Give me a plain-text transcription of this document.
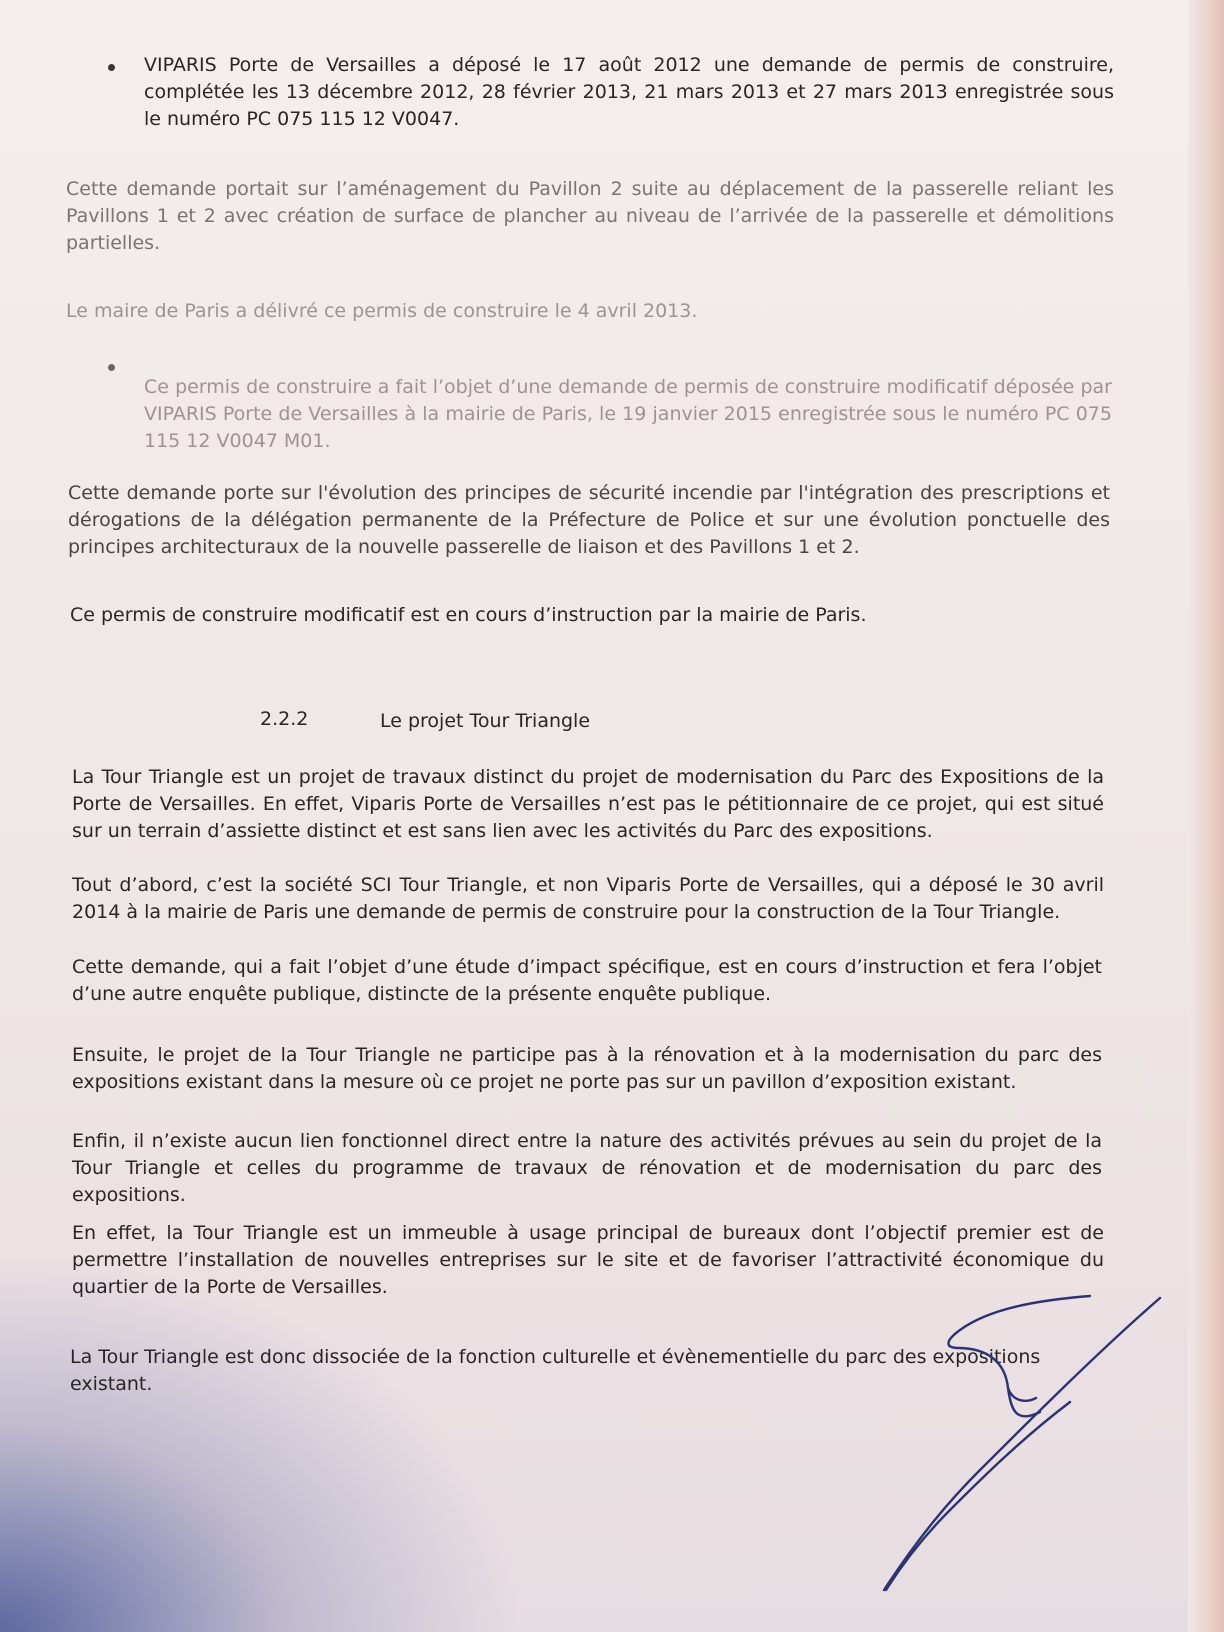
VIPARIS Porte de Versailles a déposé le 17 août 2012 une demande de permis de construire, complétée les 13 décembre 2012, 28 février 2013, 21 mars 2013 et 27 mars 2013 enregistrée sous le numéro PC 075 115 12 V0047.

Cette demande portait sur l’aménagement du Pavillon 2 suite au déplacement de la passerelle reliant les Pavillons 1 et 2 avec création de surface de plancher au niveau de l’arrivée de la passerelle et démolitions partielles.

Le maire de Paris a délivré ce permis de construire le 4 avril 2013.

Ce permis de construire a fait l’objet d’une demande de permis de construire modificatif déposée par VIPARIS Porte de Versailles à la mairie de Paris, le 19 janvier 2015 enregistrée sous le numéro PC 075 115 12 V0047 M01.

Cette demande porte sur l'évolution des principes de sécurité incendie par l'intégration des prescriptions et dérogations de la délégation permanente de la Préfecture de Police et sur une évolution ponctuelle des principes architecturaux de la nouvelle passerelle de liaison et des Pavillons 1 et 2.

Ce permis de construire modificatif est en cours d’instruction par la mairie de Paris.

2.2.2	Le projet Tour Triangle

La Tour Triangle est un projet de travaux distinct du projet de modernisation du Parc des Expositions de la Porte de Versailles. En effet, Viparis Porte de Versailles n’est pas le pétitionnaire de ce projet, qui est situé sur un terrain d’assiette distinct et est sans lien avec les activités du Parc des expositions.

Tout d’abord, c’est la société SCI Tour Triangle, et non Viparis Porte de Versailles, qui a déposé le 30 avril 2014 à la mairie de Paris une demande de permis de construire pour la construction de la Tour Triangle.

Cette demande, qui a fait l’objet d’une étude d’impact spécifique, est en cours d’instruction et fera l’objet d’une autre enquête publique, distincte de la présente enquête publique.

Ensuite, le projet de la Tour Triangle ne participe pas à la rénovation et à la modernisation du parc des expositions existant dans la mesure où ce projet ne porte pas sur un pavillon d’exposition existant.

Enfin, il n’existe aucun lien fonctionnel direct entre la nature des activités prévues au sein du projet de la Tour Triangle et celles du programme de travaux de rénovation et de modernisation du parc des expositions.

En effet, la Tour Triangle est un immeuble à usage principal de bureaux dont l’objectif premier est de permettre l’installation de nouvelles entreprises sur le site et de favoriser l’attractivité économique du quartier de la Porte de Versailles.

La Tour Triangle est donc dissociée de la fonction culturelle et évènementielle du parc des expositions existant.
